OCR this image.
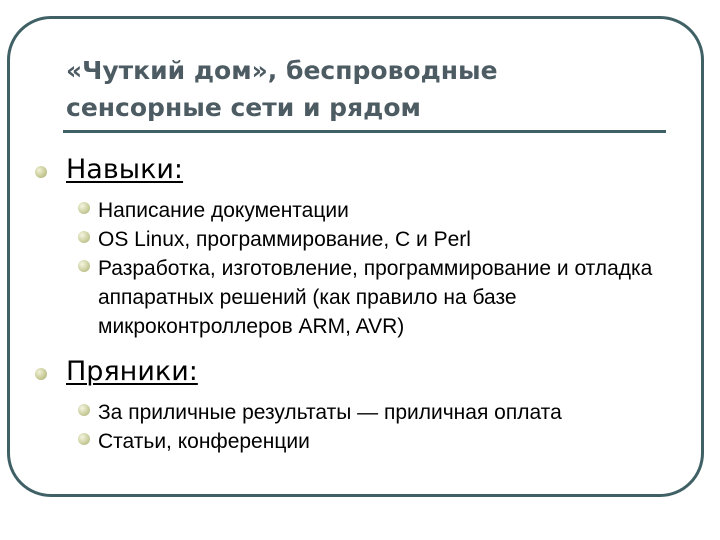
«Чуткий дом», беспроводные
сенсорные сети и рядом
Навыки:
Написание документации
OS Linux, программирование, C и Perl
Разработка, изготовление, программирование и отладка аппаратных решений (как правило на базе микроконтроллеров ARM, AVR)
Пряники:
За приличные результаты — приличная оплата
Статьи, конференции
